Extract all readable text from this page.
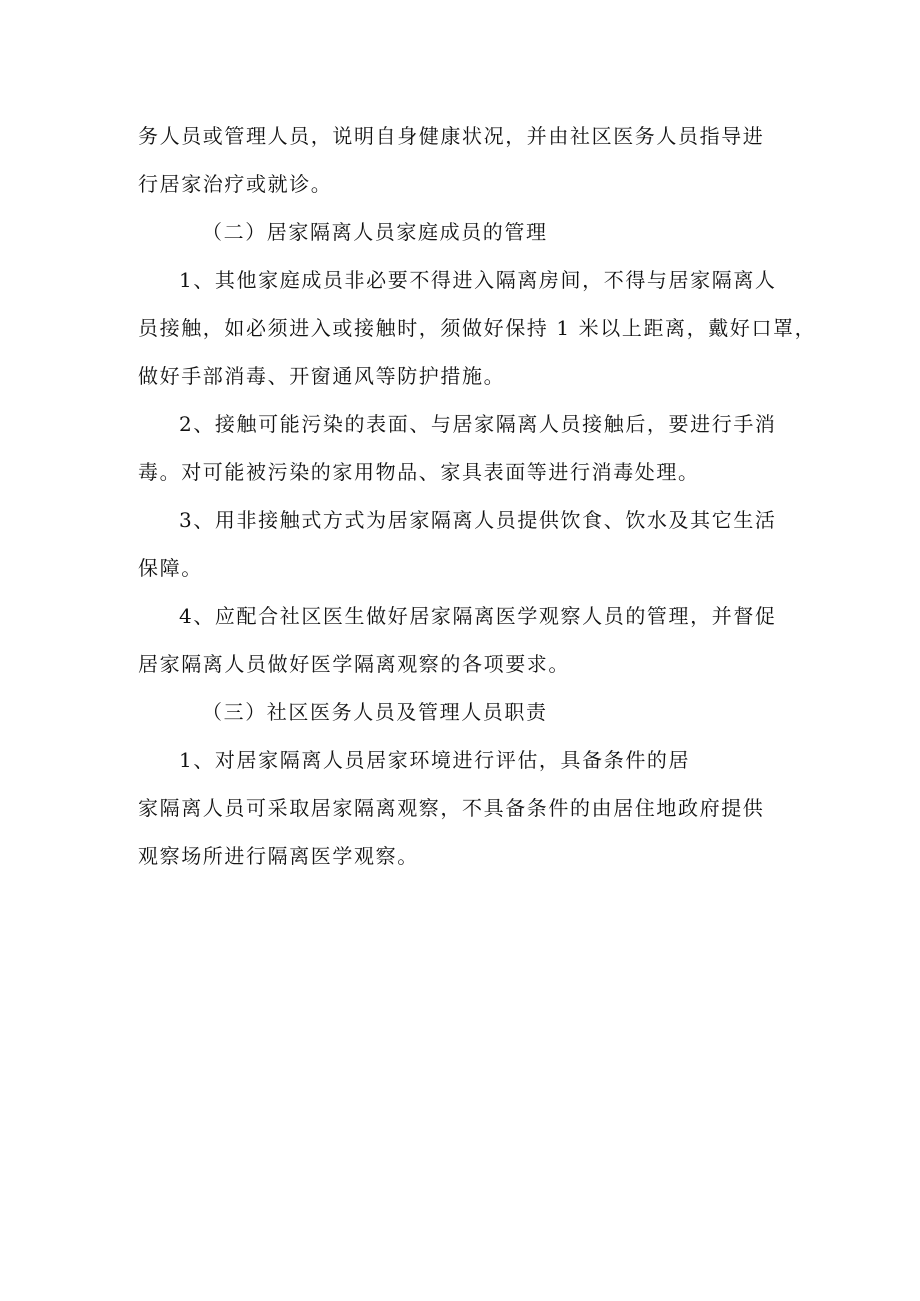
务人员或管理人员，说明自身健康状况，并由社区医务人员指导进
行居家治疗或就诊。
（二）居家隔离人员家庭成员的管理
1、其他家庭成员非必要不得进入隔离房间，不得与居家隔离人
员接触，如必须进入或接触时，须做好保持 1 米以上距离，戴好口罩，
做好手部消毒、开窗通风等防护措施。
2、接触可能污染的表面、与居家隔离人员接触后，要进行手消
毒。对可能被污染的家用物品、家具表面等进行消毒处理。
3、用非接触式方式为居家隔离人员提供饮食、饮水及其它生活
保障。
4、应配合社区医生做好居家隔离医学观察人员的管理，并督促
居家隔离人员做好医学隔离观察的各项要求。
（三）社区医务人员及管理人员职责
1、对居家隔离人员居家环境进行评估，具备条件的居
家隔离人员可采取居家隔离观察，不具备条件的由居住地政府提供
观察场所进行隔离医学观察。
